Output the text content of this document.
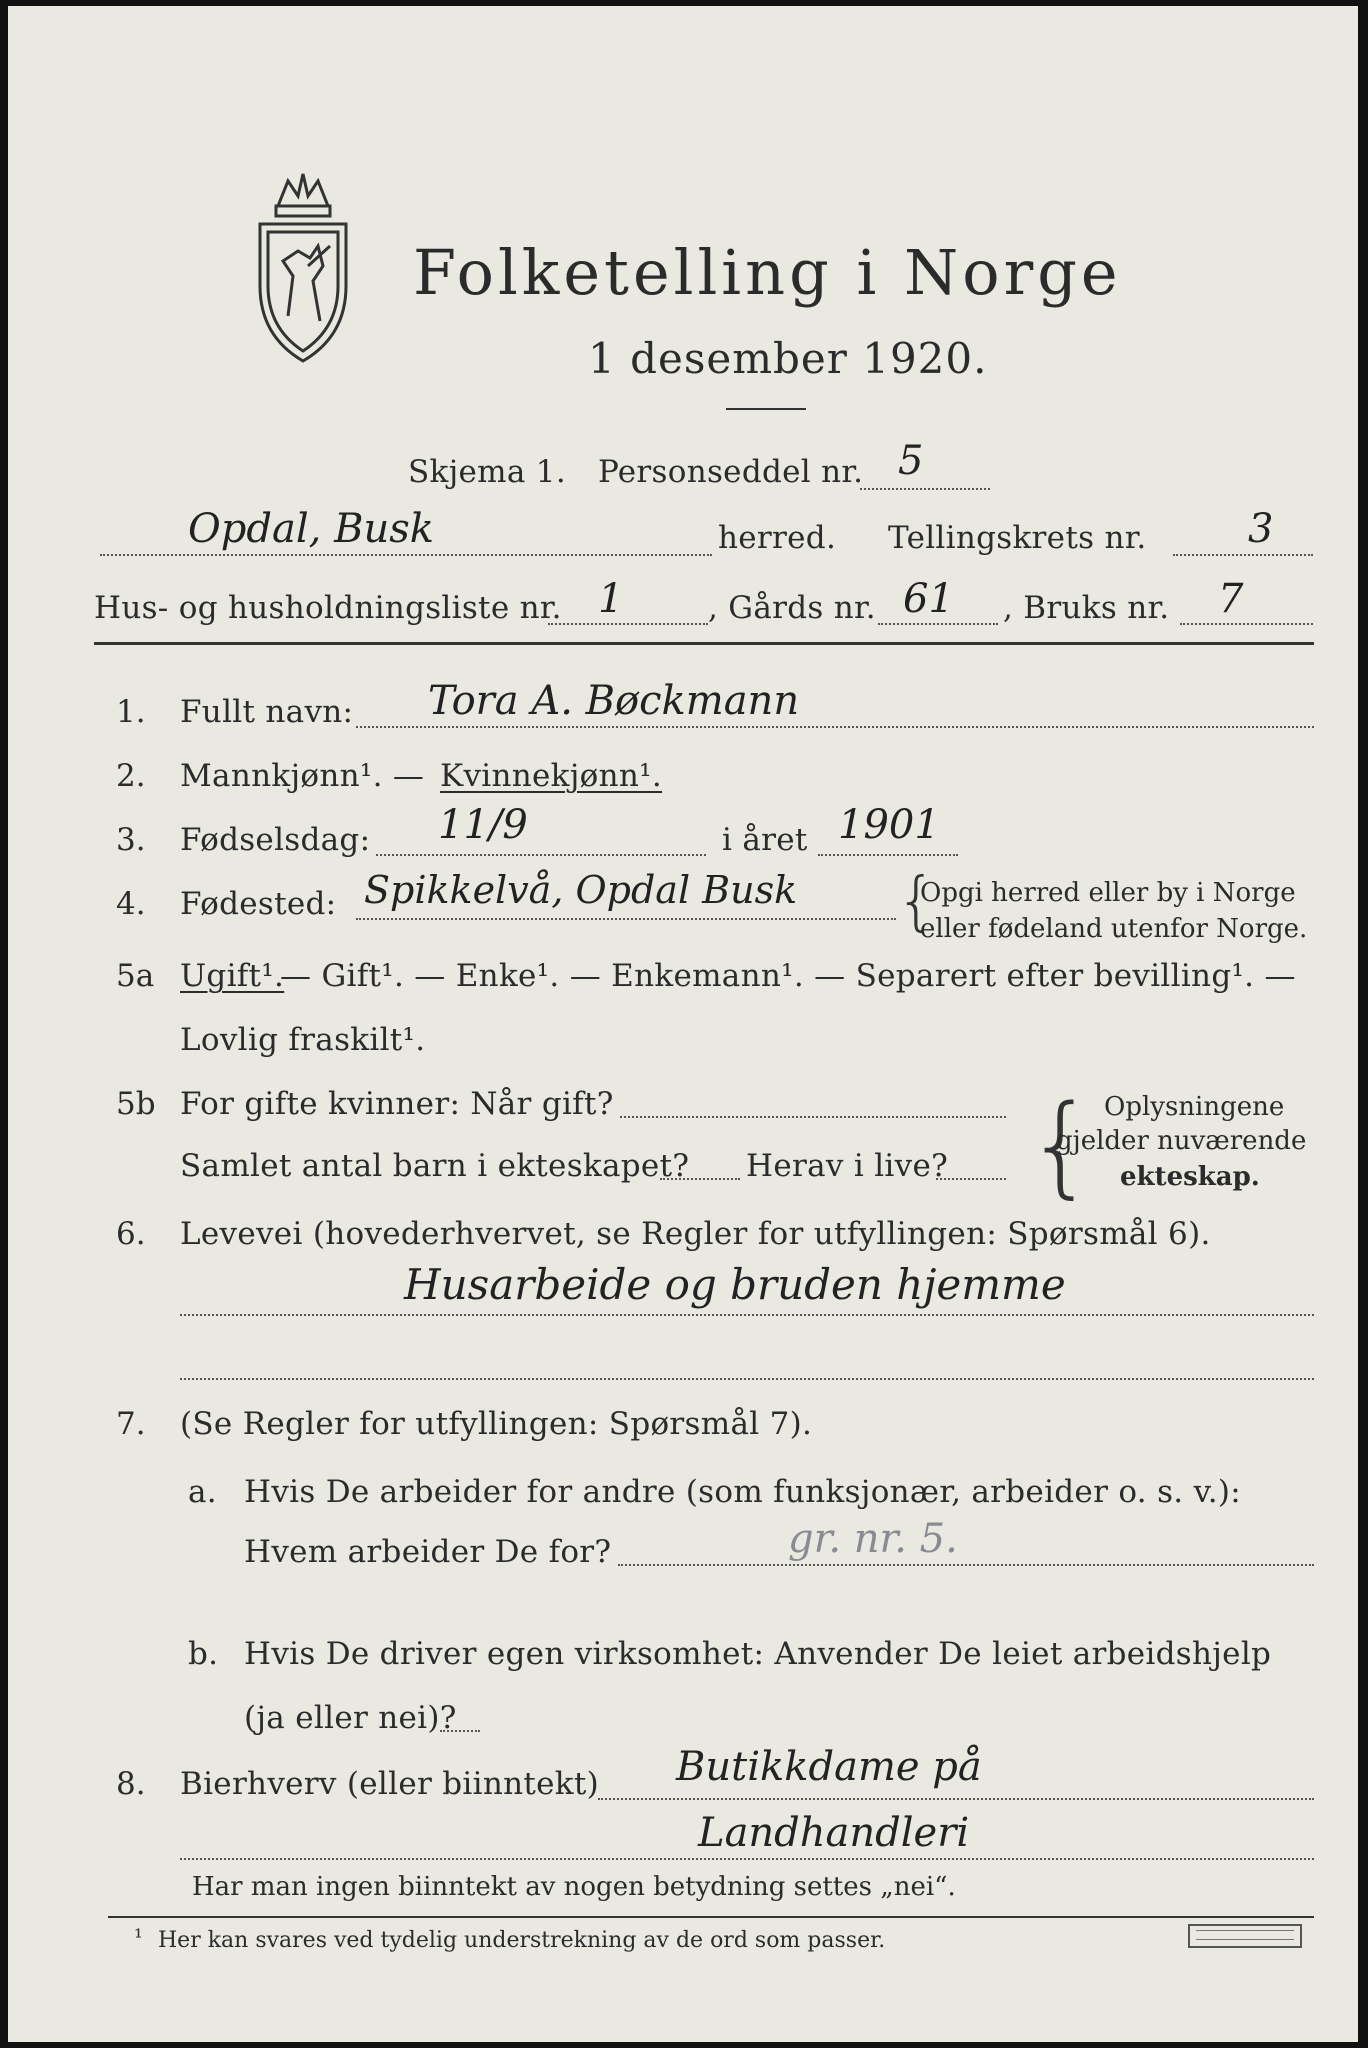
Folketelling i Norge
1 desember 1920.
Skjema 1. Personseddel nr. 5
Opdal, Busk	herred. Tellingskrets nr.	3
Hus- og husholdningsliste nr. 1	, Gårds nr. 61 , Bruks nr. 7
1. Fullt navn: Tora A. Bøckmann
2. Mannkjønn¹. — Kvinnekjønn¹.
3. Fødselsdag: 11/9	i året 1901
4. Fødested: Spikkelvå, Opdal Busk {
Opgi herred eller by i Norge
eller fødeland utenfor Norge.
5a Ugift¹.
— Gift¹. — Enke¹. — Enkemann¹. — Separert efter bevilling¹. —
Lovlig fraskilt¹.
5b For gifte kvinner: Når gift?
Samlet antal barn i ekteskapet? Herav i live? { Oplysningene
gjelder nuværende
ekteskap.
6. Levevei (hovederhvervet, se Regler for utfyllingen: Spørsmål 6).
Husarbeide og bruden hjemme
7. (Se Regler for utfyllingen: Spørsmål 7).
a. Hvis De arbeider for andre (som funksjonær, arbeider o. s. v.):
Hvem arbeider De for?	gr. nr. 5.
b. Hvis De driver egen virksomhet: Anvender De leiet arbeidshjelp
(ja eller nei)?
8. Bierhverv (eller biinntekt) Butikkdame på
Landhandleri
Har man ingen biinntekt av nogen betydning settes „nei“.
¹ Her kan svares ved tydelig understrekning av de ord som passer.
